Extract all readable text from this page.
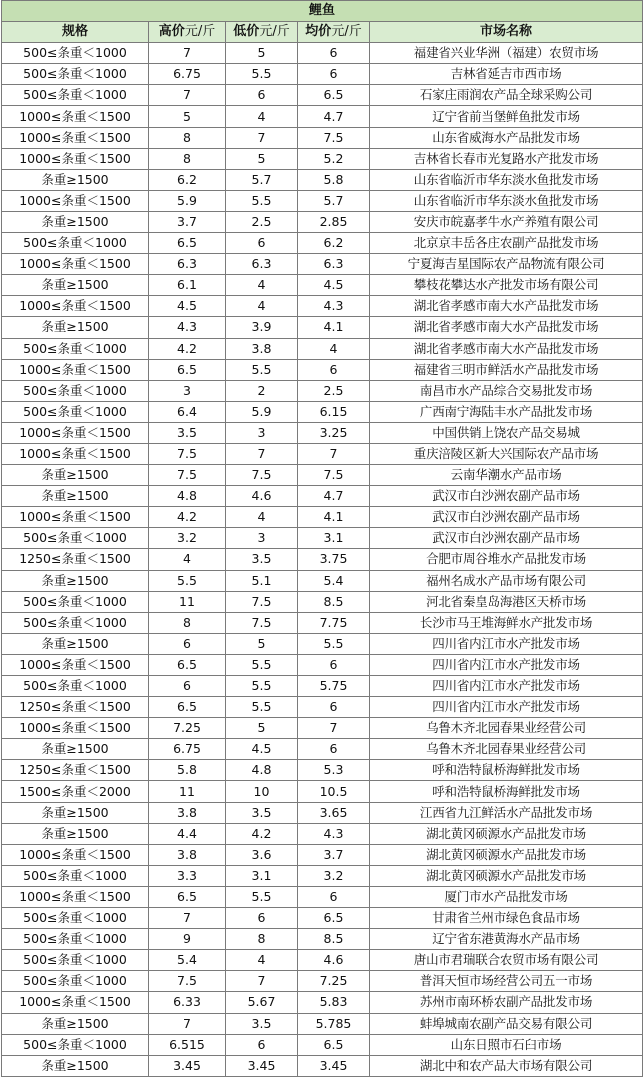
鲤鱼				
规格	高价元/斤	低价元/斤	均价元/斤	市场名称
500≤条重＜1000	7	5	6	福建省兴业华洲（福建）农贸市场
500≤条重＜1000	6.75	5.5	6	吉林省延吉市西市场
500≤条重＜1000	7	6	6.5	石家庄雨润农产品全球采购公司
1000≤条重＜1500	5	4	4.7	辽宁省前当堡鲜鱼批发市场
1000≤条重＜1500	8	7	7.5	山东省威海水产品批发市场
1000≤条重＜1500	8	5	5.2	吉林省长春市光复路水产批发市场
条重≥1500	6.2	5.7	5.8	山东省临沂市华东淡水鱼批发市场
1000≤条重＜1500	5.9	5.5	5.7	山东省临沂市华东淡水鱼批发市场
条重≥1500	3.7	2.5	2.85	安庆市皖嘉孝牛水产养殖有限公司
500≤条重＜1000	6.5	6	6.2	北京京丰岳各庄农副产品批发市场
1000≤条重＜1500	6.3	6.3	6.3	宁夏海吉星国际农产品物流有限公司
条重≥1500	6.1	4	4.5	攀枝花攀达水产批发市场有限公司
1000≤条重＜1500	4.5	4	4.3	湖北省孝感市南大水产品批发市场
条重≥1500	4.3	3.9	4.1	湖北省孝感市南大水产品批发市场
500≤条重＜1000	4.2	3.8	4	湖北省孝感市南大水产品批发市场
1000≤条重＜1500	6.5	5.5	6	福建省三明市鲜活水产品批发市场
500≤条重＜1000	3	2	2.5	南昌市水产品综合交易批发市场
500≤条重＜1000	6.4	5.9	6.15	广西南宁海陆丰水产品批发市场
1000≤条重＜1500	3.5	3	3.25	中国供销上饶农产品交易城
1000≤条重＜1500	7.5	7	7	重庆涪陵区新大兴国际农产品市场
条重≥1500	7.5	7.5	7.5	云南华潮水产品市场
条重≥1500	4.8	4.6	4.7	武汉市白沙洲农副产品市场
1000≤条重＜1500	4.2	4	4.1	武汉市白沙洲农副产品市场
500≤条重＜1000	3.2	3	3.1	武汉市白沙洲农副产品市场
1250≤条重＜1500	4	3.5	3.75	合肥市周谷堆水产品批发市场
条重≥1500	5.5	5.1	5.4	福州名成水产品市场有限公司
500≤条重＜1000	11	7.5	8.5	河北省秦皇岛海港区天桥市场
500≤条重＜1000	8	7.5	7.75	长沙市马王堆海鲜水产批发市场
条重≥1500	6	5	5.5	四川省内江市水产批发市场
1000≤条重＜1500	6.5	5.5	6	四川省内江市水产批发市场
500≤条重＜1000	6	5.5	5.75	四川省内江市水产批发市场
1250≤条重＜1500	6.5	5.5	6	四川省内江市水产批发市场
1000≤条重＜1500	7.25	5	7	乌鲁木齐北园春果业经营公司
条重≥1500	6.75	4.5	6	乌鲁木齐北园春果业经营公司
1250≤条重＜1500	5.8	4.8	5.3	呼和浩特鼠桥海鲜批发市场
1500≤条重＜2000	11	10	10.5	呼和浩特鼠桥海鲜批发市场
条重≥1500	3.8	3.5	3.65	江西省九江鲜活水产品批发市场
条重≥1500	4.4	4.2	4.3	湖北黄冈硕源水产品批发市场
1000≤条重＜1500	3.8	3.6	3.7	湖北黄冈硕源水产品批发市场
500≤条重＜1000	3.3	3.1	3.2	湖北黄冈硕源水产品批发市场
1000≤条重＜1500	6.5	5.5	6	厦门市水产品批发市场
500≤条重＜1000	7	6	6.5	甘肃省兰州市绿色食品市场
500≤条重＜1000	9	8	8.5	辽宁省东港黄海水产品市场
500≤条重＜1000	5.4	4	4.6	唐山市君瑞联合农贸市场有限公司
500≤条重＜1000	7.5	7	7.25	普洱天恒市场经营公司五一市场
1000≤条重＜1500	6.33	5.67	5.83	苏州市南环桥农副产品批发市场
条重≥1500	7	3.5	5.785	蚌埠城南农副产品交易有限公司
500≤条重＜1000	6.515	6	6.5	山东日照市石臼市场
条重≥1500	3.45	3.45	3.45	湖北中和农产品大市场有限公司
